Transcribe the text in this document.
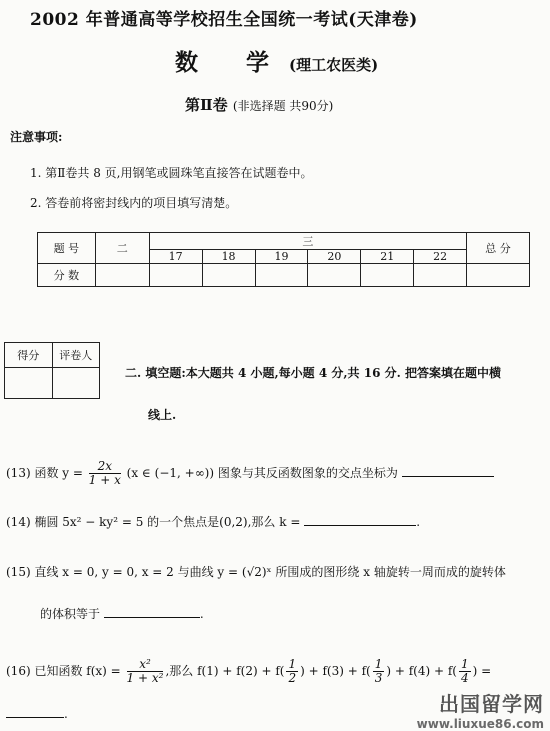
2002 年普通高等学校招生全国统一考试(天津卷)
数 学(理工农医类)
第Ⅱ卷 (非选择题 共90分)
注意事项:
1. 第Ⅱ卷共 8 页,用钢笔或圆珠笔直接答在试题卷中。
2. 答卷前将密封线内的项目填写清楚。
题 号	二	三						总 分
		17	18	19	20	21	22	
分 数								
得分	评卷人

二. 填空题:本大题共 4 小题,每小题 4 分,共 16 分. 把答案填在题中横
线上.
(13) 函数 $y = \frac{2x}{1 + x} (x$ ∈ (−1, +∞)) 图象与其反函数图象的交点坐标为
(14) 椭圆 5x² − ky² = 5 的一个焦点是(0,2),那么 k =	.
(15) 直线 x = 0, y = 0, x = 2 与曲线 y = (√2)ˣ 所围成的图形绕 x 轴旋转一周而成的旋转体
的体积等于	.
(16) 已知函数 $f(x) = \frac{\text{x²}}{\text{1 + x²}}$ ,那么 $f(1) + f(2) + f( \frac{1}{2}$ ) + $f(3) + f( \frac{1}{3}$ ) + $f(4) + f( \frac{1}{4}$ ) =
.	出国留学网
www.liuxue86.com
